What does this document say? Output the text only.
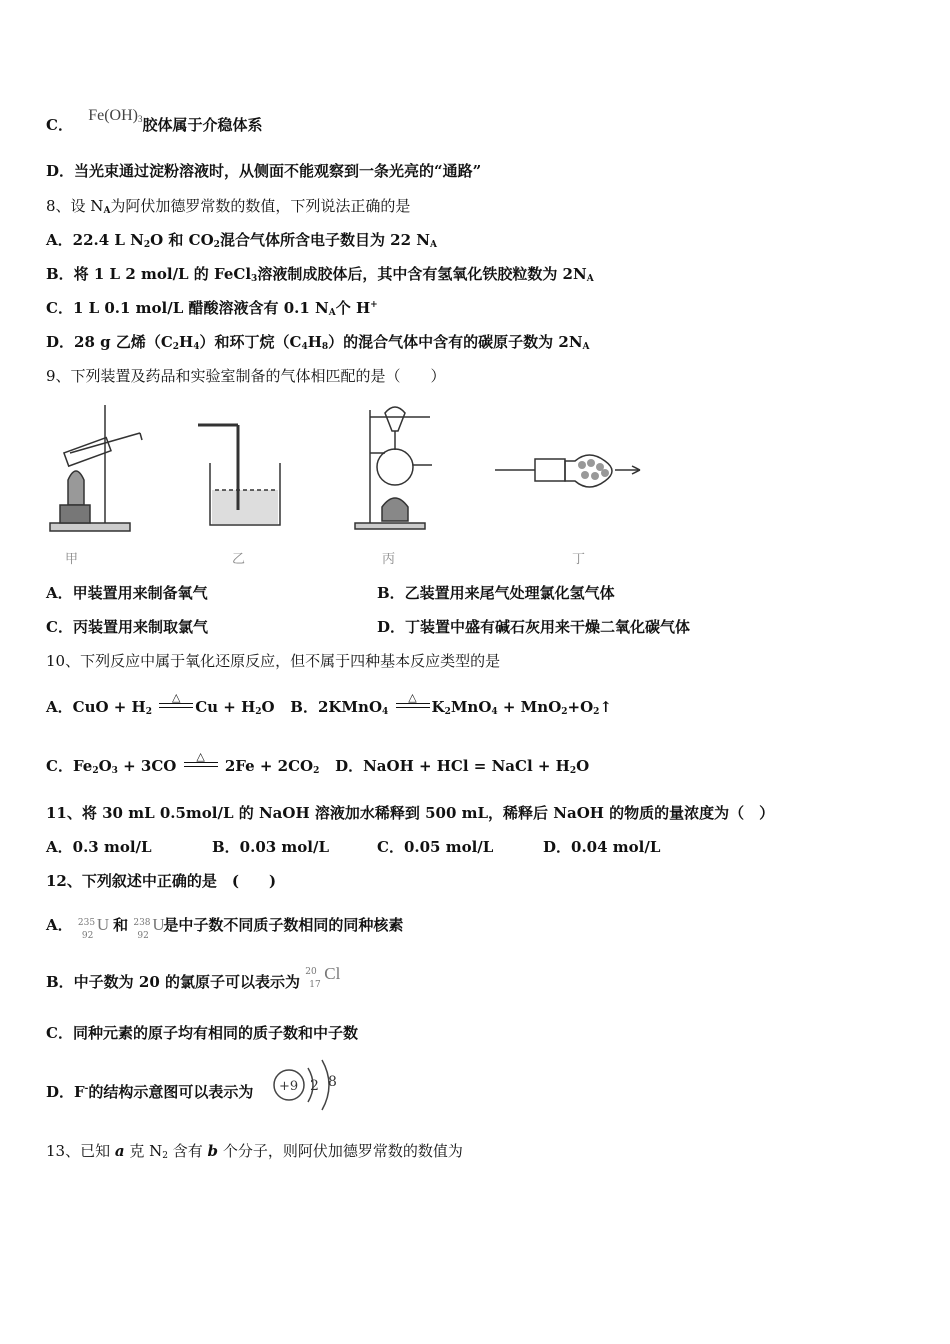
C． $Fe(OH)_3$胶体属于介稳体系
D．当光束通过淀粉溶液时，从侧面不能观察到一条光亮的“通路”
8、设 $N_A$为阿伏加德罗常数的数值，下列说法正确的是
A．22.4 L $N_2O$ 和 $CO_2$混合气体所含电子数目为 22 $N_A$
B．将 1 L 2 mol/L 的 FeCl$_3$溶液制成胶体后，其中含有氢氧化铁胶粒数为 $2N_A$
C．1 L 0.1 mol/L 醋酸溶液含有 0.1 $N_A$个 H+
D．28 g 乙烯$(C_2H_4)$和环丁烷$(C_4H_8)$的混合气体中含有的碳原子数为 $2N_A$
9、下列装置及药品和实验室制备的气体相匹配的是（　　）
甲	乙	丙	丁
A．甲装置用来制备氧气	B．乙装置用来尾气处理氯化氢气体
C．丙装置用来制取氯气	D．丁装置中盛有碱石灰用来干燥二氧化碳气体
10、下列反应中属于氧化还原反应，但不属于四种基本反应类型的是
A．CuO + $H_2$
△
$Cu + H_2O$ B．2KMnO$_4$
△
$K_2MnO_4$ + $MnO_2+O_2↑$
C．$Fe_2O_3 + 3CO$
△
$2Fe + 2CO_2$ D．NaOH + HCl = NaCl + $H_2O$
11、将 30 mL 0.5mol/L 的 NaOH 溶液加水稀释到 500 mL，稀释后 NaOH 的物质的量浓度为（　）
A．0.3 mol/L	B．0.03 mol/L	C．0.05 mol/L	D．0.04 mol/L
12、下列叙述中正确的是　(　　)
A． 235
92
U 和 238
92
U
是中子数不同质子数相同的同种核素
B．中子数为 20 的氯原子可以表示为
20
17
Cl
C．同种元素的原子均有相同的质子数和中子数
D．F-的结构示意图可以表示为 +9 2 8
13、已知 a 克 $N_2$ 含有 b 个分子，则阿伏加德罗常数的数值为
